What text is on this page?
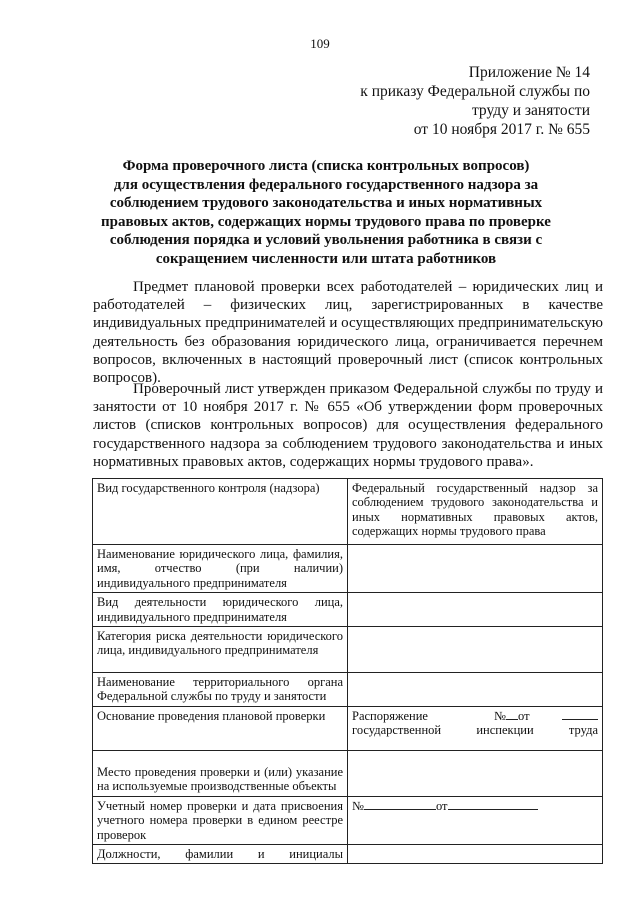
109
Приложение № 14
к приказу Федеральной службы по
труду и занятости
от 10 ноября 2017 г. № 655
Форма проверочного листа (списка контрольных вопросов)
для осуществления федерального государственного надзора за
соблюдением трудового законодательства и иных нормативных
правовых актов, содержащих нормы трудового права по проверке
соблюдения порядка и условий увольнения работника в связи с
сокращением численности или штата работников

Предмет плановой проверки всех работодателей – юридических лиц и работодателей – физических лиц, зарегистрированных в качестве индивидуальных предпринимателей и осуществляющих предпринимательскую деятельность без образования юридического лица, ограничивается перечнем вопросов, включенных в настоящий проверочный лист (список контрольных вопросов).

Проверочный лист утвержден приказом Федеральной службы по труду и занятости от 10 ноября 2017 г. № 655 «Об утверждении форм проверочных листов (списков контрольных вопросов) для осуществления федерального государственного надзора за соблюдением трудового законодательства и иных нормативных правовых актов, содержащих нормы трудового права».

Вид государственного контроля (надзора)	Федеральный государственный надзор за соблюдением трудового законодательства и иных нормативных правовых актов, содержащих нормы трудового права
Наименование юридического лица, фамилия, имя, отчество (при наличии) индивидуального предпринимателя	
Вид деятельности юридического лица, индивидуального предпринимателя	
Категория риска деятельности юридического лица, индивидуального предпринимателя	
Наименование территориального органа Федеральной службы по труду и занятости	
Основание проведения плановой проверки	Распоряжение № от
государственной инспекции труда

Место проведения проверки и (или) указание на используемые производственные объекты	
Учетный номер проверки и дата присвоения учетного номера проверки в едином реестре проверок	№ от

Должности, фамилии и инициалы	
